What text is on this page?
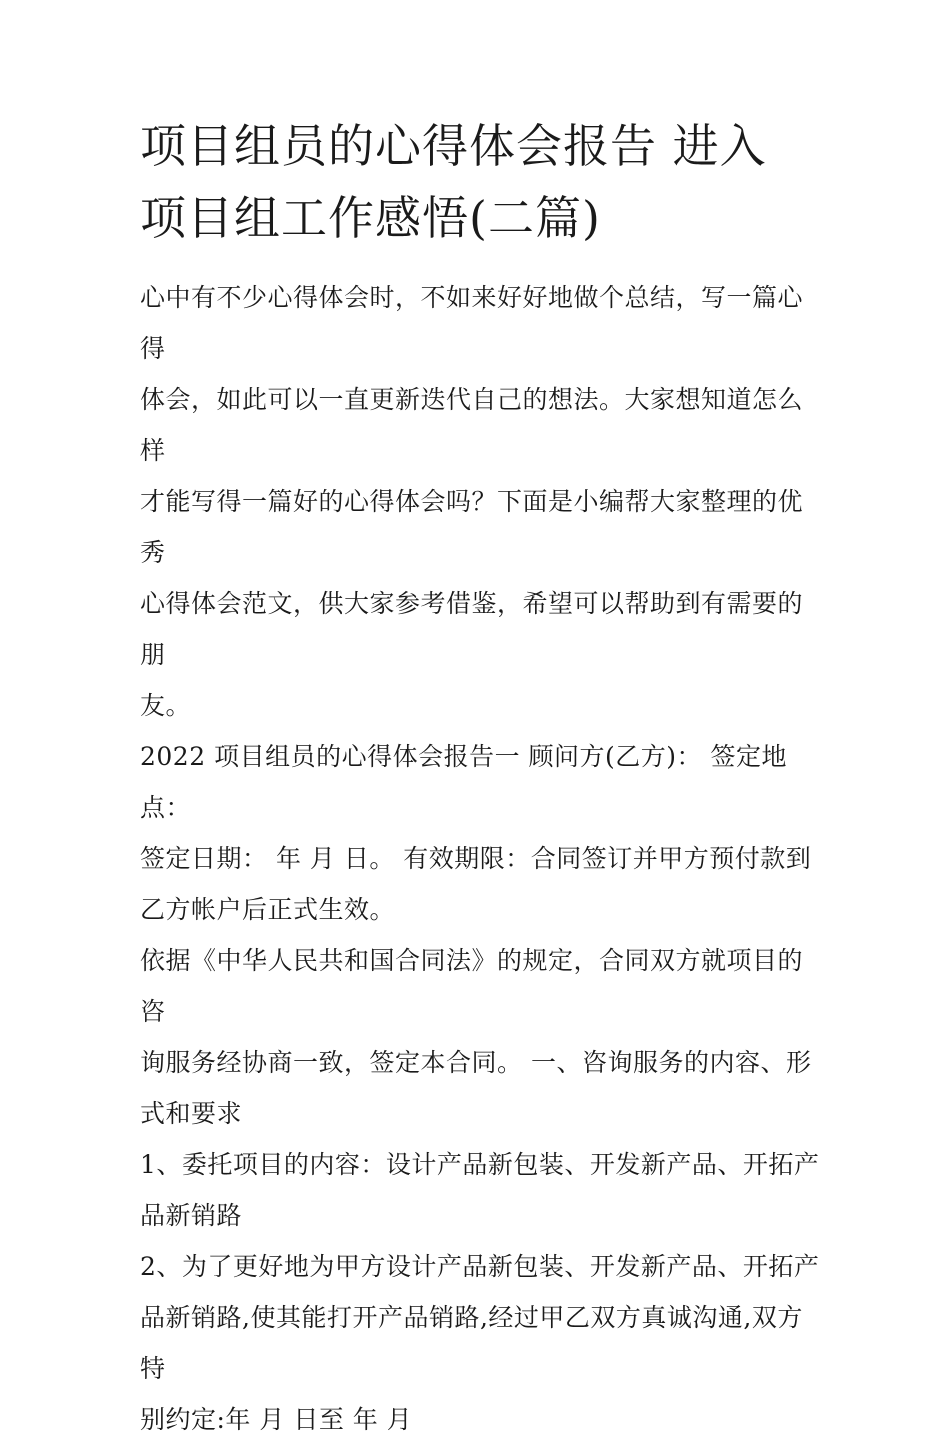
项目组员的心得体会报告 进入
项目组工作感悟(二篇)
心中有不少心得体会时，不如来好好地做个总结，写一篇心得
体会，如此可以一直更新迭代自己的想法。大家想知道怎么样
才能写得一篇好的心得体会吗？下面是小编帮大家整理的优秀
心得体会范文，供大家参考借鉴，希望可以帮助到有需要的朋
友。
2022 项目组员的心得体会报告一 顾问方(乙方)： 签定地点：
签定日期： 年 月 日。 有效期限：合同签订并甲方预付款到
乙方帐户后正式生效。
依据《中华人民共和国合同法》的规定，合同双方就项目的咨
询服务经协商一致，签定本合同。 一、咨询服务的内容、形
式和要求
1、委托项目的内容：设计产品新包装、开发新产品、开拓产
品新销路
2、为了更好地为甲方设计产品新包装、开发新产品、开拓产
品新销路,使其能打开产品销路,经过甲乙双方真诚沟通,双方特
别约定:年 月 日至 年 月
